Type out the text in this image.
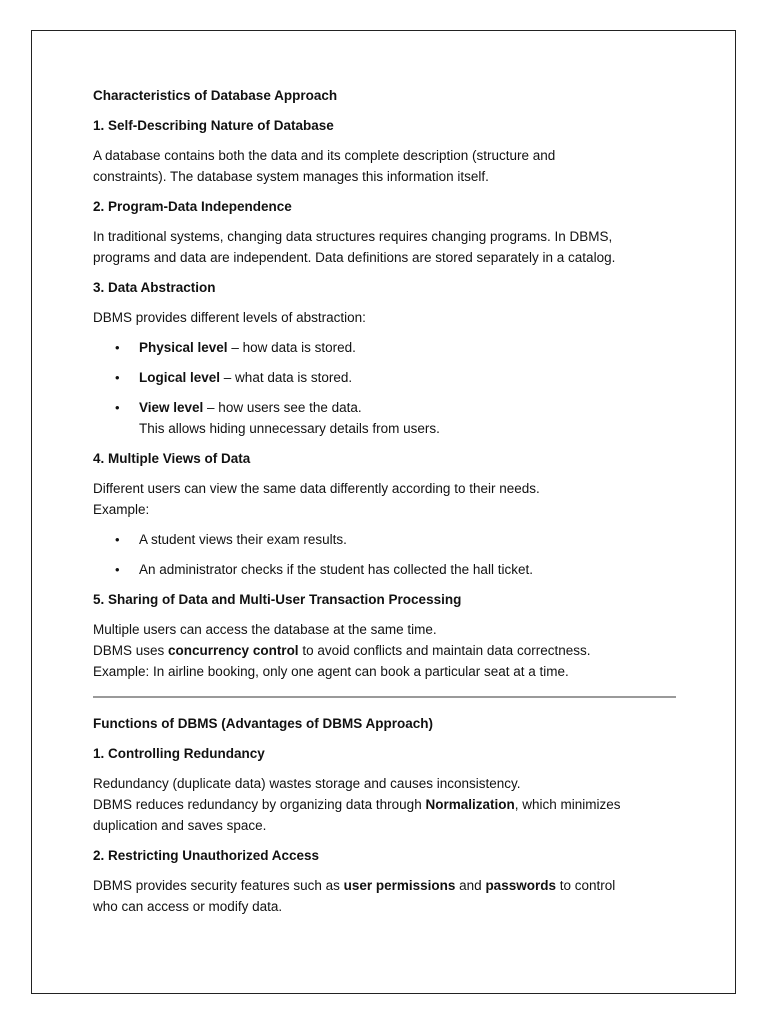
Characteristics of Database Approach

1. Self-Describing Nature of Database

A database contains both the data and its complete description (structure and
constraints). The database system manages this information itself.

2. Program-Data Independence

In traditional systems, changing data structures requires changing programs. In DBMS,
programs and data are independent. Data definitions are stored separately in a catalog.

3. Data Abstraction

DBMS provides different levels of abstraction:

• Physical level – how data is stored.
• Logical level – what data is stored.
• View level – how users see the data.
This allows hiding unnecessary details from users.

4. Multiple Views of Data

Different users can view the same data differently according to their needs.
Example:

• A student views their exam results.
• An administrator checks if the student has collected the hall ticket.

5. Sharing of Data and Multi-User Transaction Processing

Multiple users can access the database at the same time.
DBMS uses concurrency control to avoid conflicts and maintain data correctness.
Example: In airline booking, only one agent can book a particular seat at a time.

Functions of DBMS (Advantages of DBMS Approach)

1. Controlling Redundancy

Redundancy (duplicate data) wastes storage and causes inconsistency.
DBMS reduces redundancy by organizing data through Normalization, which minimizes
duplication and saves space.

2. Restricting Unauthorized Access

DBMS provides security features such as user permissions and passwords to control
who can access or modify data.
